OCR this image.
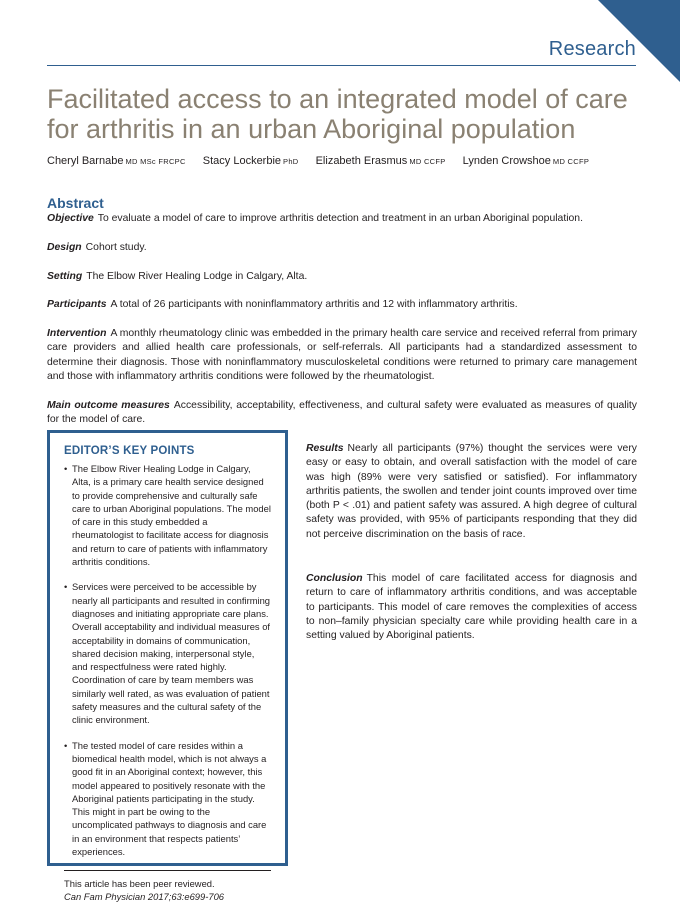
Research
Facilitated access to an integrated model of care for arthritis in an urban Aboriginal population
Cheryl Barnabe MD MSc FRCPC Stacy Lockerbie PhD Elizabeth Erasmus MD CCFP Lynden Crowshoe MD CCFP
Abstract
Objective To evaluate a model of care to improve arthritis detection and treatment in an urban Aboriginal population.
Design Cohort study.
Setting The Elbow River Healing Lodge in Calgary, Alta.
Participants A total of 26 participants with noninflammatory arthritis and 12 with inflammatory arthritis.
Intervention A monthly rheumatology clinic was embedded in the primary health care service and received referral from primary care providers and allied health care professionals, or self-referrals. All participants had a standardized assessment to determine their diagnosis. Those with noninflammatory musculoskeletal conditions were returned to primary care management and those with inflammatory arthritis conditions were followed by the rheumatologist.
Main outcome measures Accessibility, acceptability, effectiveness, and cultural safety were evaluated as measures of quality for the model of care.
Results Nearly all participants (97%) thought the services were very easy or easy to obtain, and overall satisfaction with the model of care was high (89% were very satisfied or satisfied). For inflammatory arthritis patients, the swollen and tender joint counts improved over time (both P < .01) and patient safety was assured. A high degree of cultural safety was provided, with 95% of participants responding that they did not perceive discrimination on the basis of race.
Conclusion This model of care facilitated access for diagnosis and return to care of inflammatory arthritis conditions, and was acceptable to participants. This model of care removes the complexities of access to non–family physician specialty care while providing health care in a setting valued by Aboriginal patients.
EDITOR’S KEY POINTS
• The Elbow River Healing Lodge in Calgary, Alta, is a primary care health service designed to provide comprehensive and culturally safe care to urban Aboriginal populations. The model of care in this study embedded a rheumatologist to facilitate access for diagnosis and return to care of patients with inflammatory arthritis conditions.
• Services were perceived to be accessible by nearly all participants and resulted in confirming diagnoses and initiating appropriate care plans. Overall acceptability and individual measures of acceptability in domains of communication, shared decision making, interpersonal style, and respectfulness were rated highly. Coordination of care by team members was similarly well rated, as was evaluation of patient safety measures and the cultural safety of the clinic environment.
• The tested model of care resides within a biomedical health model, which is not always a good fit in an Aboriginal context; however, this model appeared to positively resonate with the Aboriginal patients participating in the study. This might in part be owing to the uncomplicated pathways to diagnosis and care in an environment that respects patients’ experiences.
This article has been peer reviewed.
Can Fam Physician 2017;63:e699-706
